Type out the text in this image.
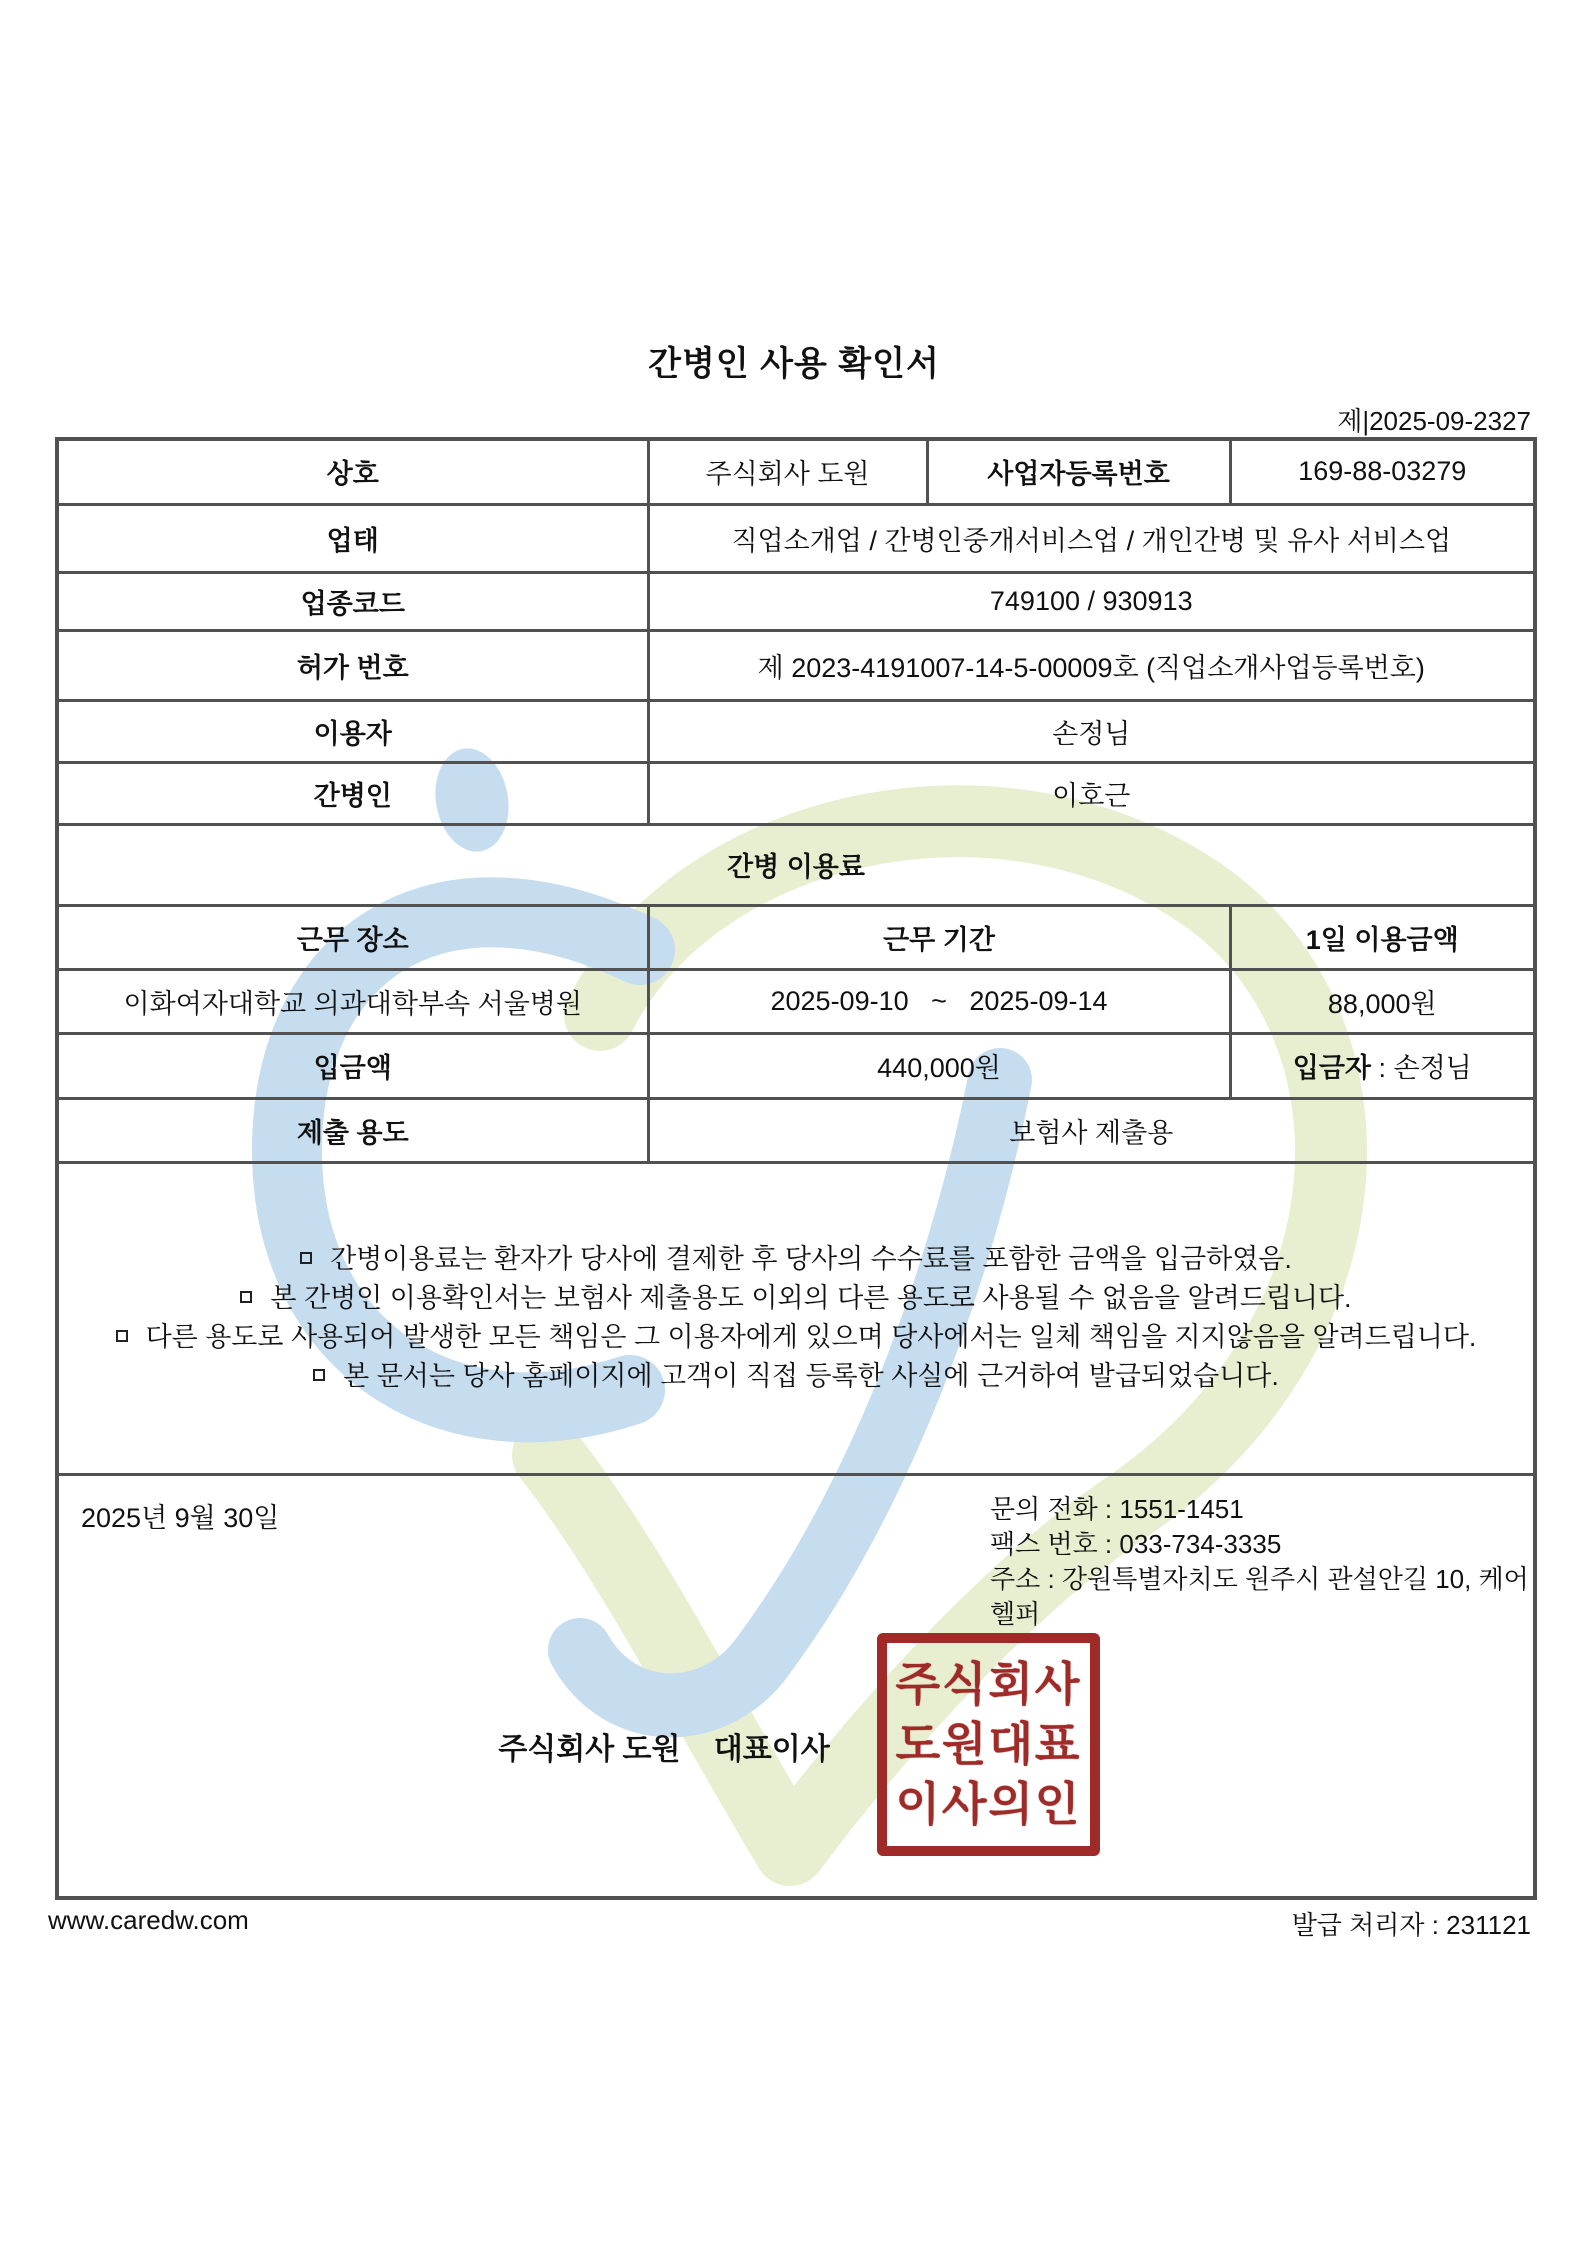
간병인 사용 확인서
제|2025-09-2327
상호	주식회사 도원	사업자등록번호	169-88-03279
업태	직업소개업 / 간병인중개서비스업 / 개인간병 및 유사 서비스업		
업종코드	749100 / 930913		
허가 번호	제 2023-4191007-14-5-00009호 (직업소개사업등록번호)		
이용자	손정님		
간병인	이호근		
간병 이용료			
근무 장소	근무 기간		1일 이용금액
이화여자대학교 의과대학부속 서울병원	2025-09-10   ~   2025-09-14		88,000원
입금액	440,000원		입금자 : 손정님
제출 용도	보험사 제출용		

간병이용료는 환자가 당사에 결제한 후 당사의 수수료를 포함한 금액을 입금하였음.
본 간병인 이용확인서는 보험사 제출용도 이외의 다른 용도로 사용될 수 없음을 알려드립니다.
다른 용도로 사용되어 발생한 모든 책임은 그 이용자에게 있으며 당사에서는 일체 책임을 지지않음을 알려드립니다.
본 문서는 당사 홈페이지에 고객이 직접 등록한 사실에 근거하여 발급되었습니다.			

2025년 9월 30일	문의 전화 : 1551-1451
팩스 번호 : 033-734-3335
주소 : 강원특별자치도 원주시 관설안길 10, 케어헬퍼
주식회사 도원    대표이사
주식회사
도원대표
이사의인
www.caredw.com	발급 처리자 : 231121
